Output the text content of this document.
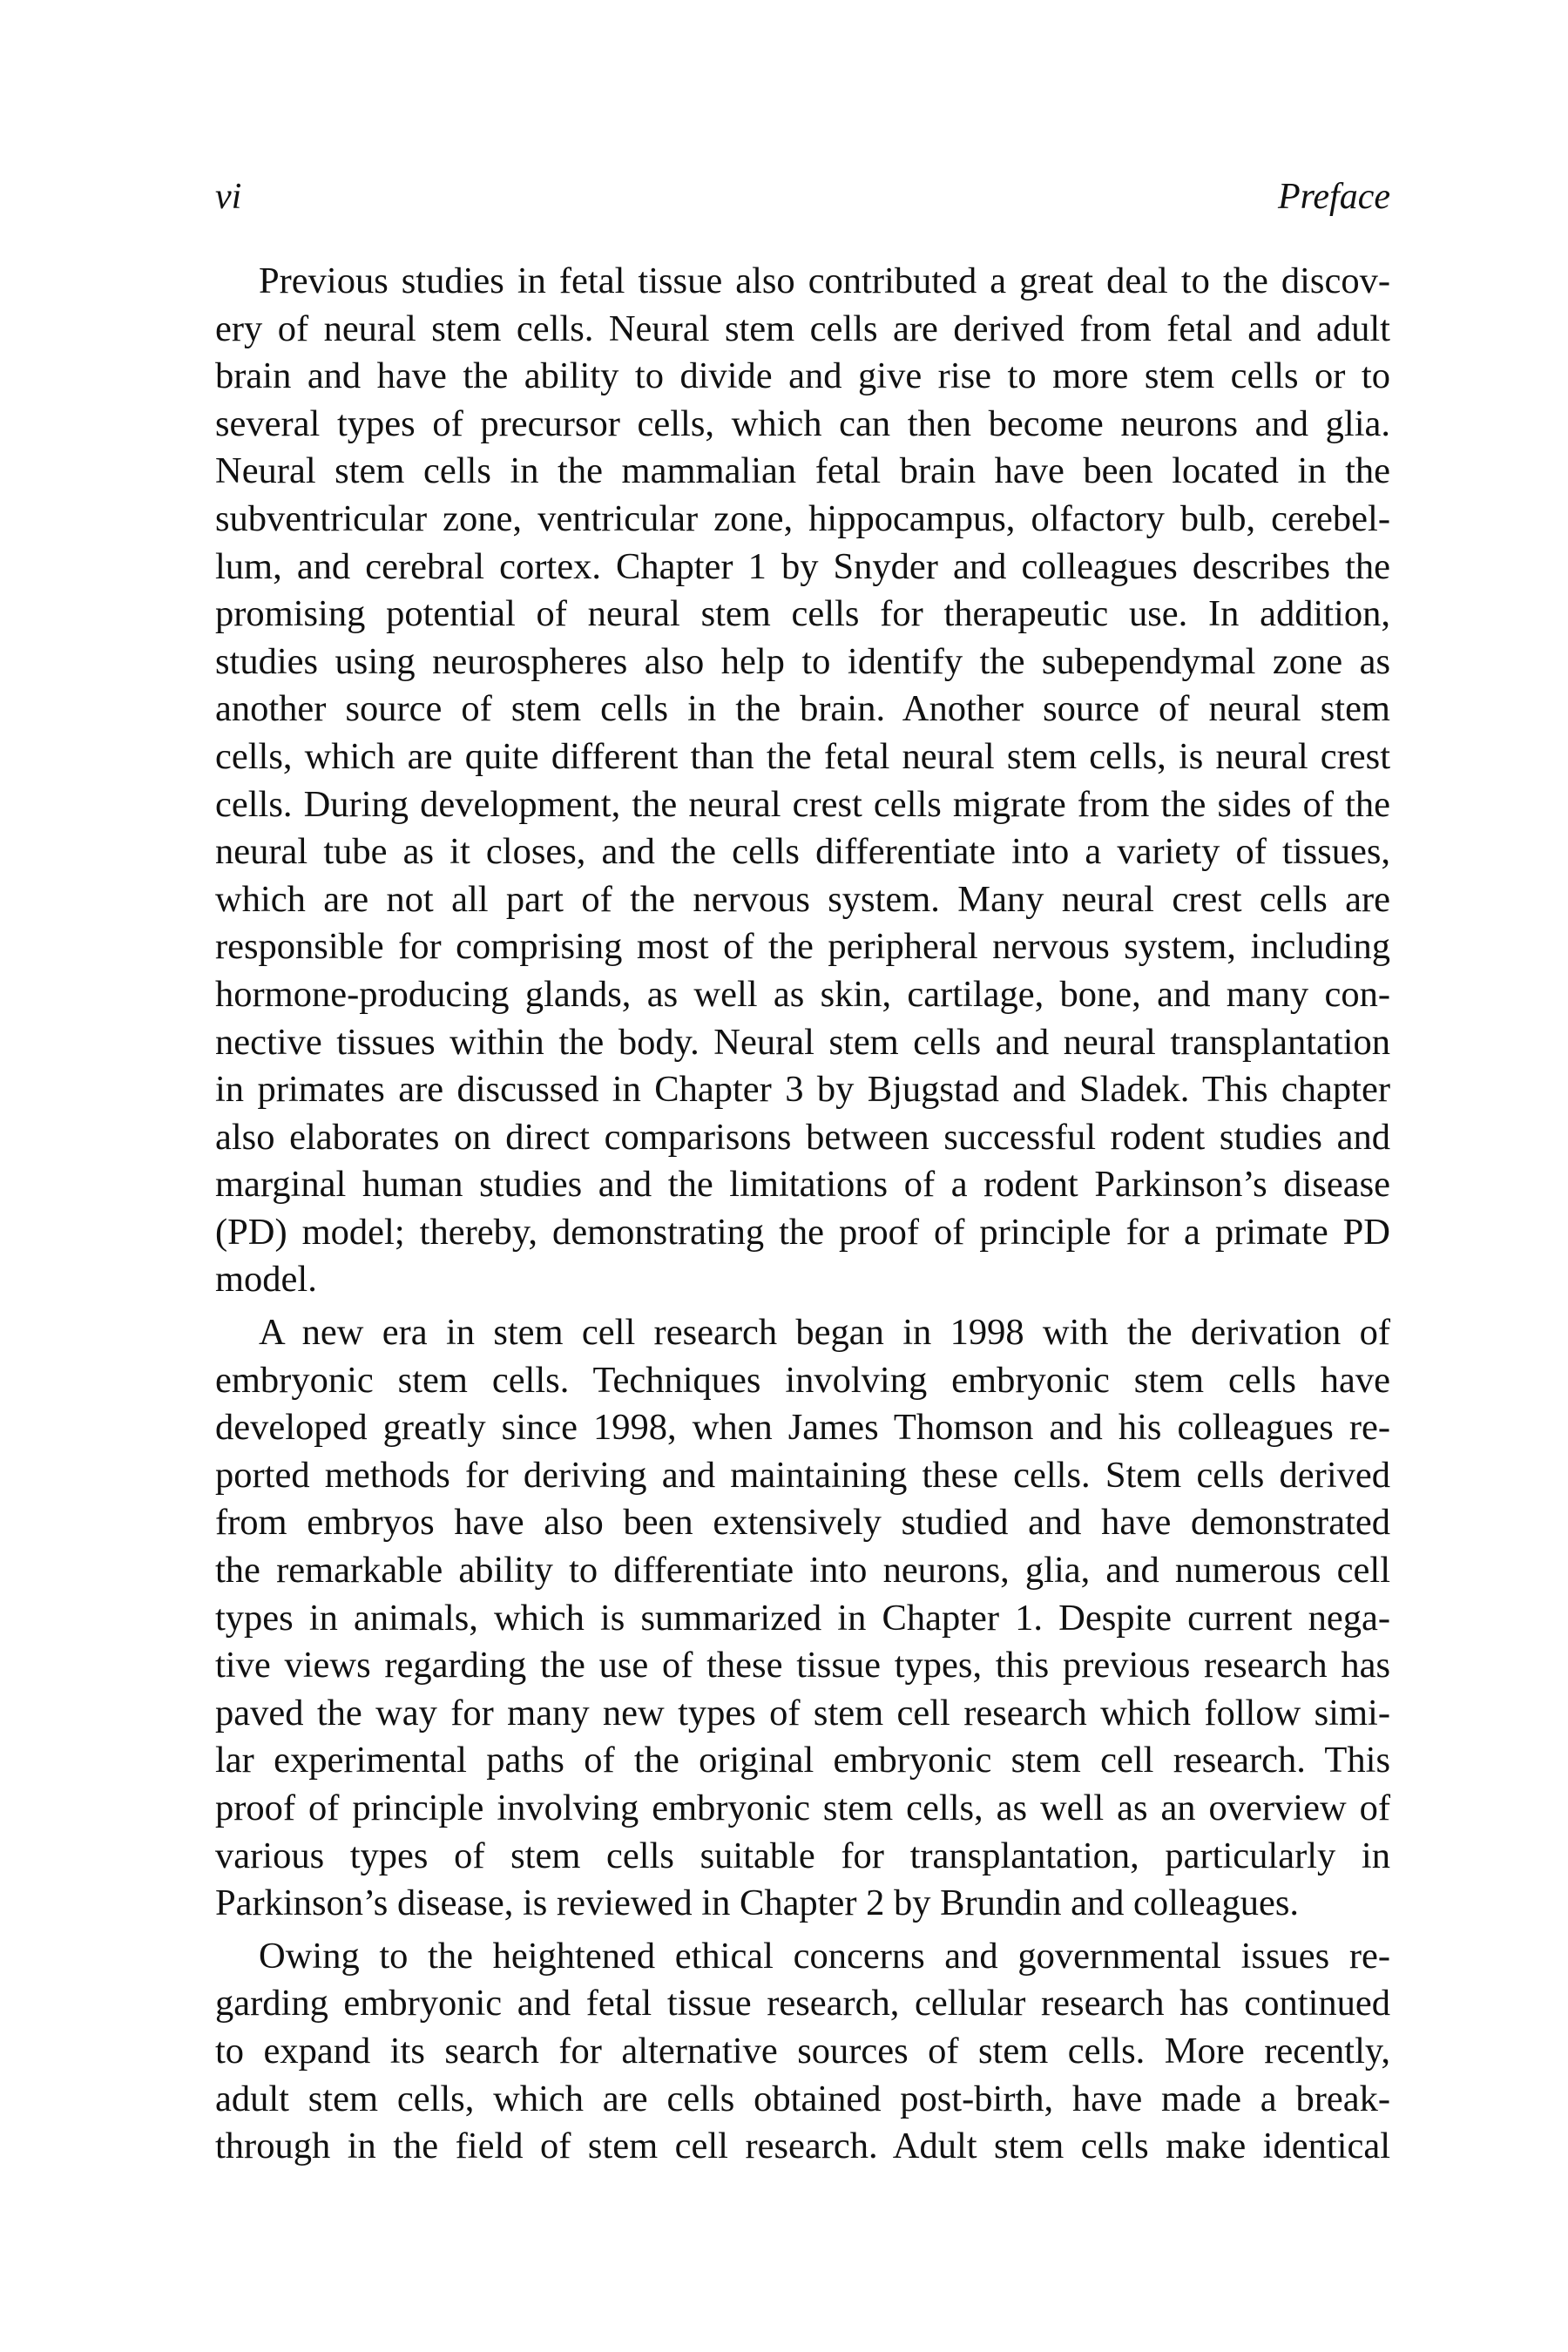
vi	Preface
Previous studies in fetal tissue also contributed a great deal to the discov-
ery of neural stem cells. Neural stem cells are derived from fetal and adult
brain and have the ability to divide and give rise to more stem cells or to
several types of precursor cells, which can then become neurons and glia.
Neural stem cells in the mammalian fetal brain have been located in the
subventricular zone, ventricular zone, hippocampus, olfactory bulb, cerebel-
lum, and cerebral cortex. Chapter 1 by Snyder and colleagues describes the
promising potential of neural stem cells for therapeutic use. In addition,
studies using neurospheres also help to identify the subependymal zone as
another source of stem cells in the brain. Another source of neural stem
cells, which are quite different than the fetal neural stem cells, is neural crest
cells. During development, the neural crest cells migrate from the sides of the
neural tube as it closes, and the cells differentiate into a variety of tissues,
which are not all part of the nervous system. Many neural crest cells are
responsible for comprising most of the peripheral nervous system, including
hormone-producing glands, as well as skin, cartilage, bone, and many con-
nective tissues within the body. Neural stem cells and neural transplantation
in primates are discussed in Chapter 3 by Bjugstad and Sladek. This chapter
also elaborates on direct comparisons between successful rodent studies and
marginal human studies and the limitations of a rodent Parkinson’s disease
(PD) model; thereby, demonstrating the proof of principle for a primate PD
model.
A new era in stem cell research began in 1998 with the derivation of
embryonic stem cells. Techniques involving embryonic stem cells have
developed greatly since 1998, when James Thomson and his colleagues re-
ported methods for deriving and maintaining these cells. Stem cells derived
from embryos have also been extensively studied and have demonstrated
the remarkable ability to differentiate into neurons, glia, and numerous cell
types in animals, which is summarized in Chapter 1. Despite current nega-
tive views regarding the use of these tissue types, this previous research has
paved the way for many new types of stem cell research which follow simi-
lar experimental paths of the original embryonic stem cell research. This
proof of principle involving embryonic stem cells, as well as an overview of
various types of stem cells suitable for transplantation, particularly in
Parkinson’s disease, is reviewed in Chapter 2 by Brundin and colleagues.
Owing to the heightened ethical concerns and governmental issues re-
garding embryonic and fetal tissue research, cellular research has continued
to expand its search for alternative sources of stem cells. More recently,
adult stem cells, which are cells obtained post-birth, have made a break-
through in the field of stem cell research. Adult stem cells make identical
